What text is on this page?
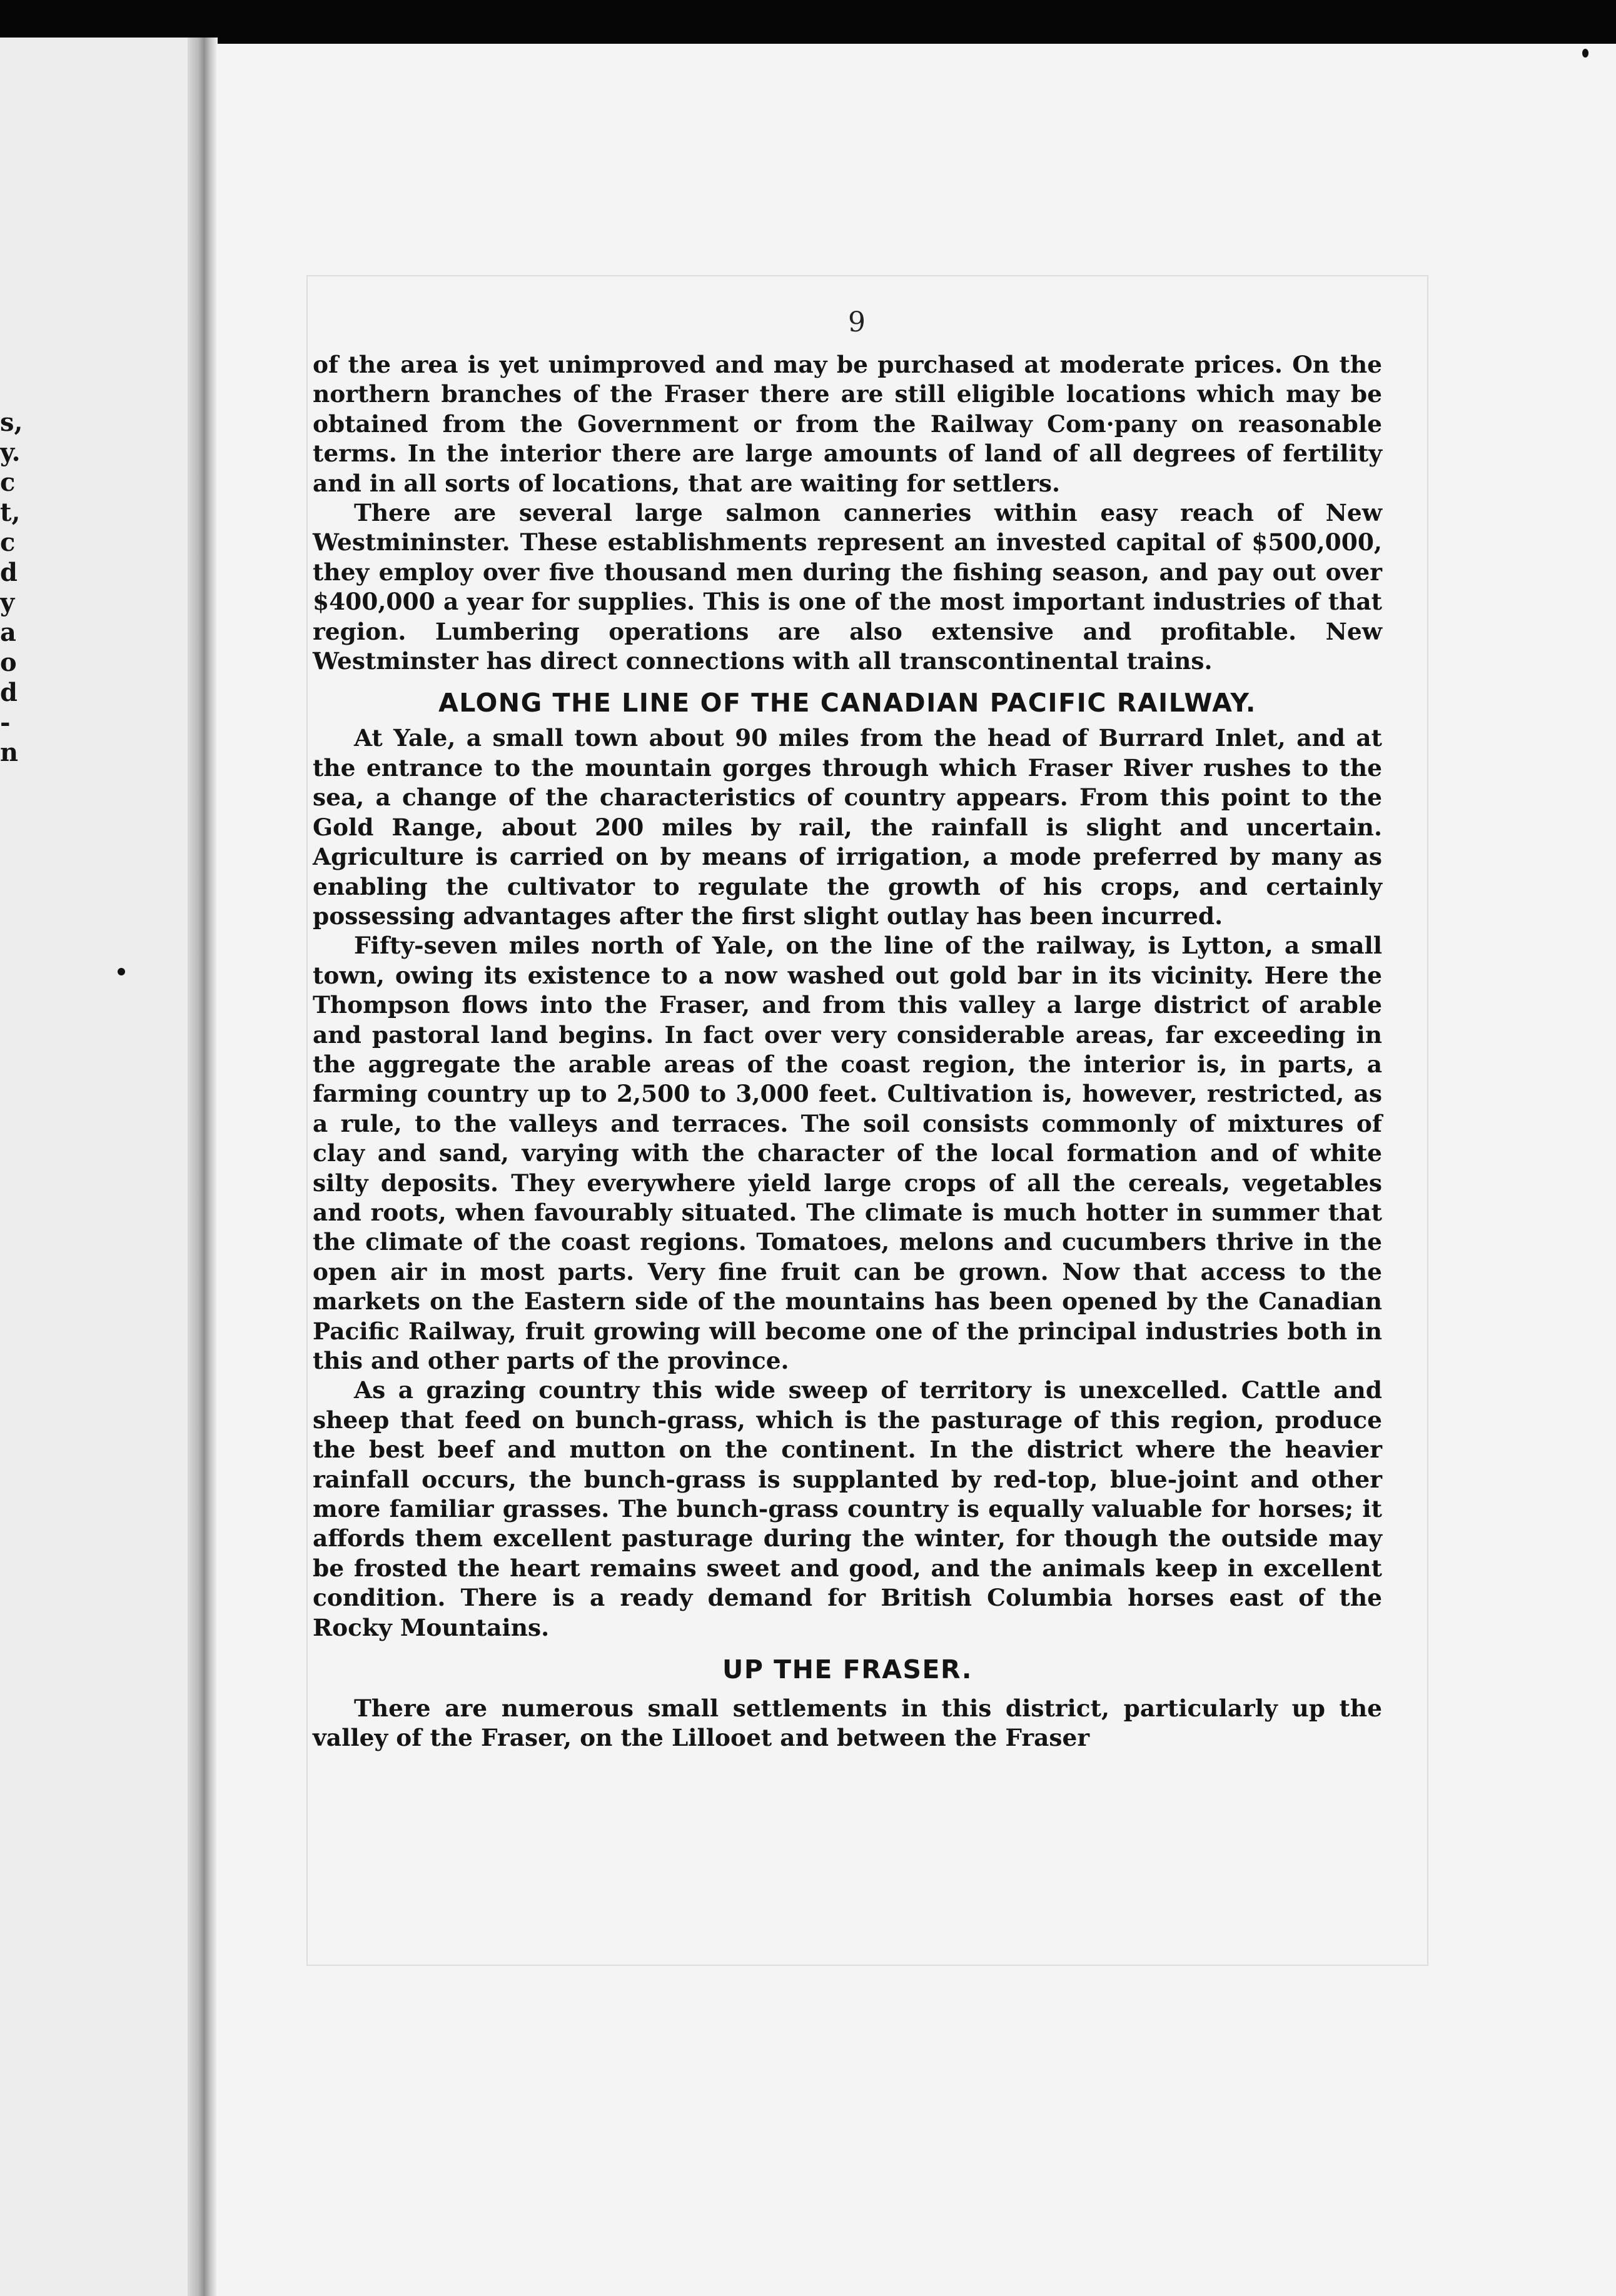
s,
y.
c
t,
c
d
y
a
o
d
-
n
9

of the area is yet unimproved and may be purchased at moderate prices. On the northern branches of the Fraser there are still eligible locations which may be obtained from the Government or from the Railway Com·pany on reasonable terms. In the interior there are large amounts of land of all degrees of fertility and in all sorts of locations, that are waiting for settlers.

There are several large salmon canneries within easy reach of New Westmininster. These establishments represent an invested capital of $500,000, they employ over five thousand men during the fishing season, and pay out over $400,000 a year for supplies. This is one of the most important industries of that region. Lumbering operations are also extensive and profitable. New Westminster has direct connections with all transcontinental trains.

ALONG THE LINE OF THE CANADIAN PACIFIC RAILWAY.

At Yale, a small town about 90 miles from the head of Burrard Inlet, and at the entrance to the mountain gorges through which Fraser River rushes to the sea, a change of the characteristics of country appears. From this point to the Gold Range, about 200 miles by rail, the rainfall is slight and uncertain. Agriculture is carried on by means of irrigation, a mode preferred by many as enabling the cultivator to regulate the growth of his crops, and certainly possessing advantages after the first slight outlay has been incurred.

Fifty-seven miles north of Yale, on the line of the railway, is Lytton, a small town, owing its existence to a now washed out gold bar in its vicinity. Here the Thompson flows into the Fraser, and from this valley a large district of arable and pastoral land begins. In fact over very considerable areas, far exceeding in the aggregate the arable areas of the coast region, the interior is, in parts, a farming country up to 2,500 to 3,000 feet. Cultivation is, however, restricted, as a rule, to the valleys and terraces. The soil consists commonly of mixtures of clay and sand, varying with the character of the local formation and of white silty deposits. They everywhere yield large crops of all the cereals, vegetables and roots, when favourably situated. The climate is much hotter in summer that the climate of the coast regions. Tomatoes, melons and cucumbers thrive in the open air in most parts. Very fine fruit can be grown. Now that access to the markets on the Eastern side of the mountains has been opened by the Canadian Pacific Railway, fruit growing will become one of the principal industries both in this and other parts of the province.

As a grazing country this wide sweep of territory is unexcelled. Cattle and sheep that feed on bunch-grass, which is the pasturage of this region, produce the best beef and mutton on the continent. In the district where the heavier rainfall occurs, the bunch-grass is supplanted by red-top, blue-joint and other more familiar grasses. The bunch-grass country is equally valuable for horses; it affords them excellent pasturage during the winter, for though the outside may be frosted the heart remains sweet and good, and the animals keep in excellent condition. There is a ready demand for British Columbia horses east of the Rocky Mountains.

UP THE FRASER.

There are numerous small settlements in this district, particularly up the valley of the Fraser, on the Lillooet and between the Fraser
